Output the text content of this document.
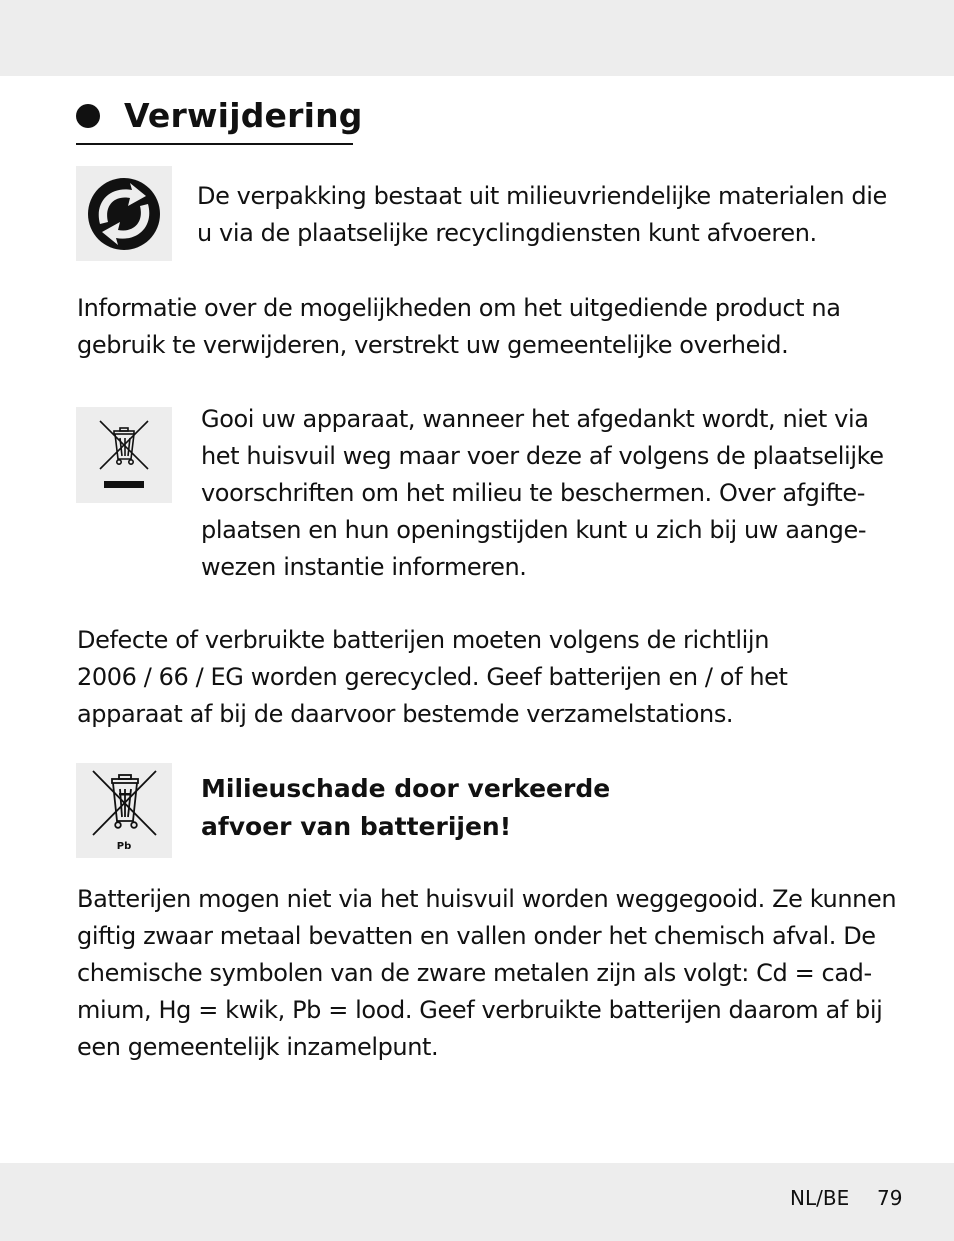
Verwijdering

De verpakking bestaat uit milieuvriendelijke materialen die
u via de plaatselijke recyclingdiensten kunt afvoeren.

Informatie over de mogelijkheden om het uitgediende product na
gebruik te verwijderen, verstrekt uw gemeentelijke overheid.

Gooi uw apparaat, wanneer het afgedankt wordt, niet via
het huisvuil weg maar voer deze af volgens de plaatselijke
voorschriften om het milieu te beschermen. Over afgifte-
plaatsen en hun openingstijden kunt u zich bij uw aange-
wezen instantie informeren.

Defecte of verbruikte batterijen moeten volgens de richtlijn
2006 / 66 / EG worden gerecycled. Geef batterijen en / of het
apparaat af bij de daarvoor bestemde verzamelstations.

Pb

Milieuschade door verkeerde
afvoer van batterijen!

Batterijen mogen niet via het huisvuil worden weggegooid. Ze kunnen
giftig zwaar metaal bevatten en vallen onder het chemisch afval. De
chemische symbolen van de zware metalen zijn als volgt: Cd = cad-
mium, Hg = kwik, Pb = lood. Geef verbruikte batterijen daarom af bij
een gemeentelijk inzamelpunt.

NL/BE 79
